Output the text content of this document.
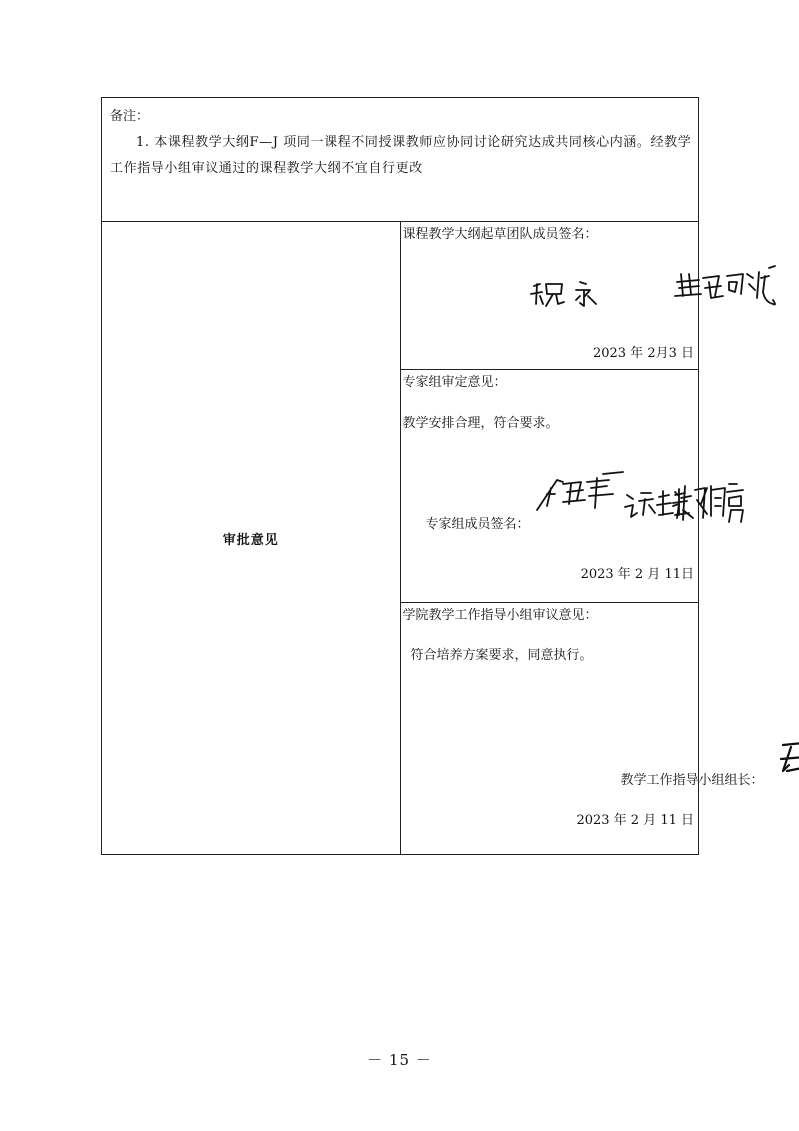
备注：
1. 本课程教学大纲F—J 项同一课程不同授课教师应协同讨论研究达成共同核心内涵。经教学工作指导小组审议通过的课程教学大纲不宜自行更改

审批意见	
课程教学大纲起草团队成员签名：
2023 年 2月3 日

专家组审定意见：
教学安排合理，符合要求。
专家组成员签名：
2023 年 2 月 11日

学院教学工作指导小组审议意见：
符合培养方案要求，同意执行。
教学工作指导小组组长：
2023 年 2 月 11 日
－ 15 －
